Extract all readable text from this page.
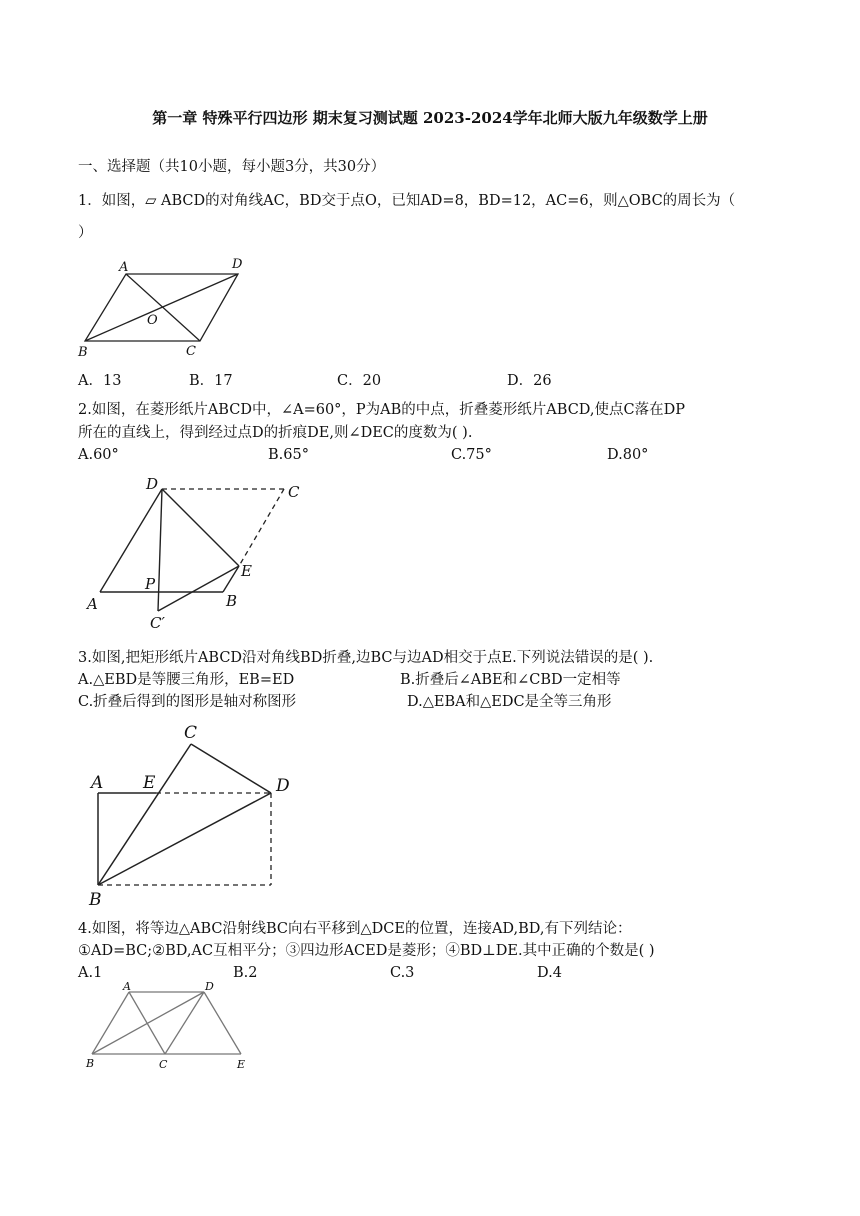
第一章 特殊平行四边形 期末复习测试题 2023-2024学年北师大版九年级数学上册
一、选择题（共10小题，每小题3分，共30分）
1．如图，▱ ABCD的对角线AC，BD交于点O，已知AD=8，BD=12，AC=6，则△OBC的周长为（
）
A	D
O
B	C
A．13	B．17	C．20	D．26
2.如图，在菱形纸片ABCD中，∠A=60°，P为AB的中点，折叠菱形纸片ABCD,使点C落在DP
所在的直线上，得到经过点D的折痕DE,则∠DEC的度数为( ).
A.60°	B.65°	C.75°	D.80°
D	C
E
P
A	B
C′
3.如图,把矩形纸片ABCD沿对角线BD折叠,边BC与边AD相交于点E.下列说法错误的是( ).
A.△EBD是等腰三角形，EB=ED	B.折叠后∠ABE和∠CBD一定相等
C.折叠后得到的图形是轴对称图形	D.△EBA和△EDC是全等三角形
C
A E	D
B
4.如图，将等边△ABC沿射线BC向右平移到△DCE的位置，连接AD,BD,有下列结论：
①AD=BC;②BD,AC互相平分；③四边形ACED是菱形；④BD⊥DE.其中正确的个数是( )
A.1	B.2	C.3	D.4
A	D
B	C	E
